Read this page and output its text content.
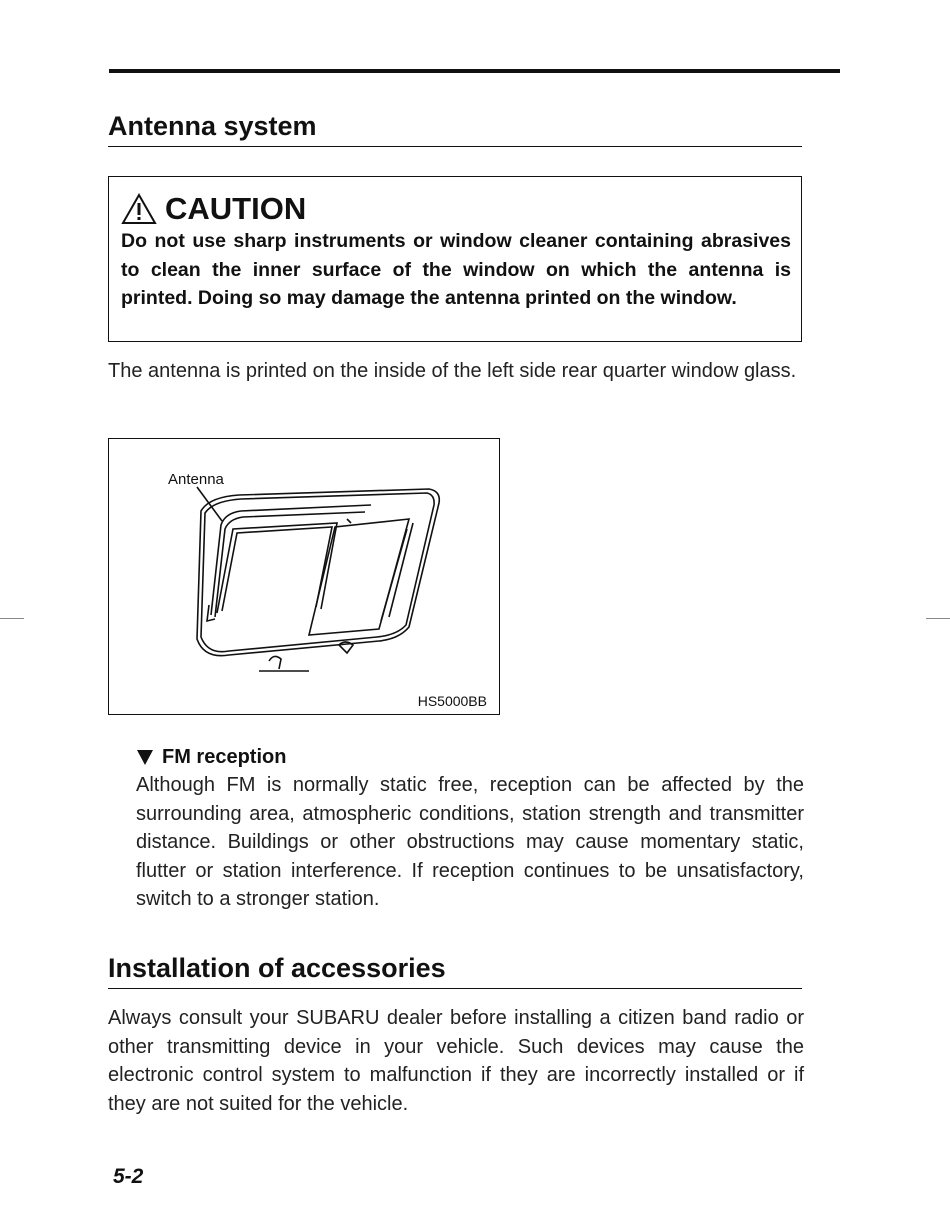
Antenna system
CAUTION
Do not use sharp instruments or window cleaner containing abrasives to clean the inner surface of the window on which the antenna is printed. Doing so may damage the antenna printed on the window.
The antenna is printed on the inside of the left side rear quarter window glass.
Antenna
HS5000BB
FM reception
Although FM is normally static free, reception can be affected by the surrounding area, atmospheric conditions, station strength and transmitter distance. Buildings or other obstructions may cause momentary static, flutter or station interference. If reception continues to be unsatisfactory, switch to a stronger station.
Installation of accessories
Always consult your SUBARU dealer before installing a citizen band radio or other transmitting device in your vehicle. Such devices may cause the electronic control system to malfunction if they are incorrectly installed or if they are not suited for the vehicle.
5-2
